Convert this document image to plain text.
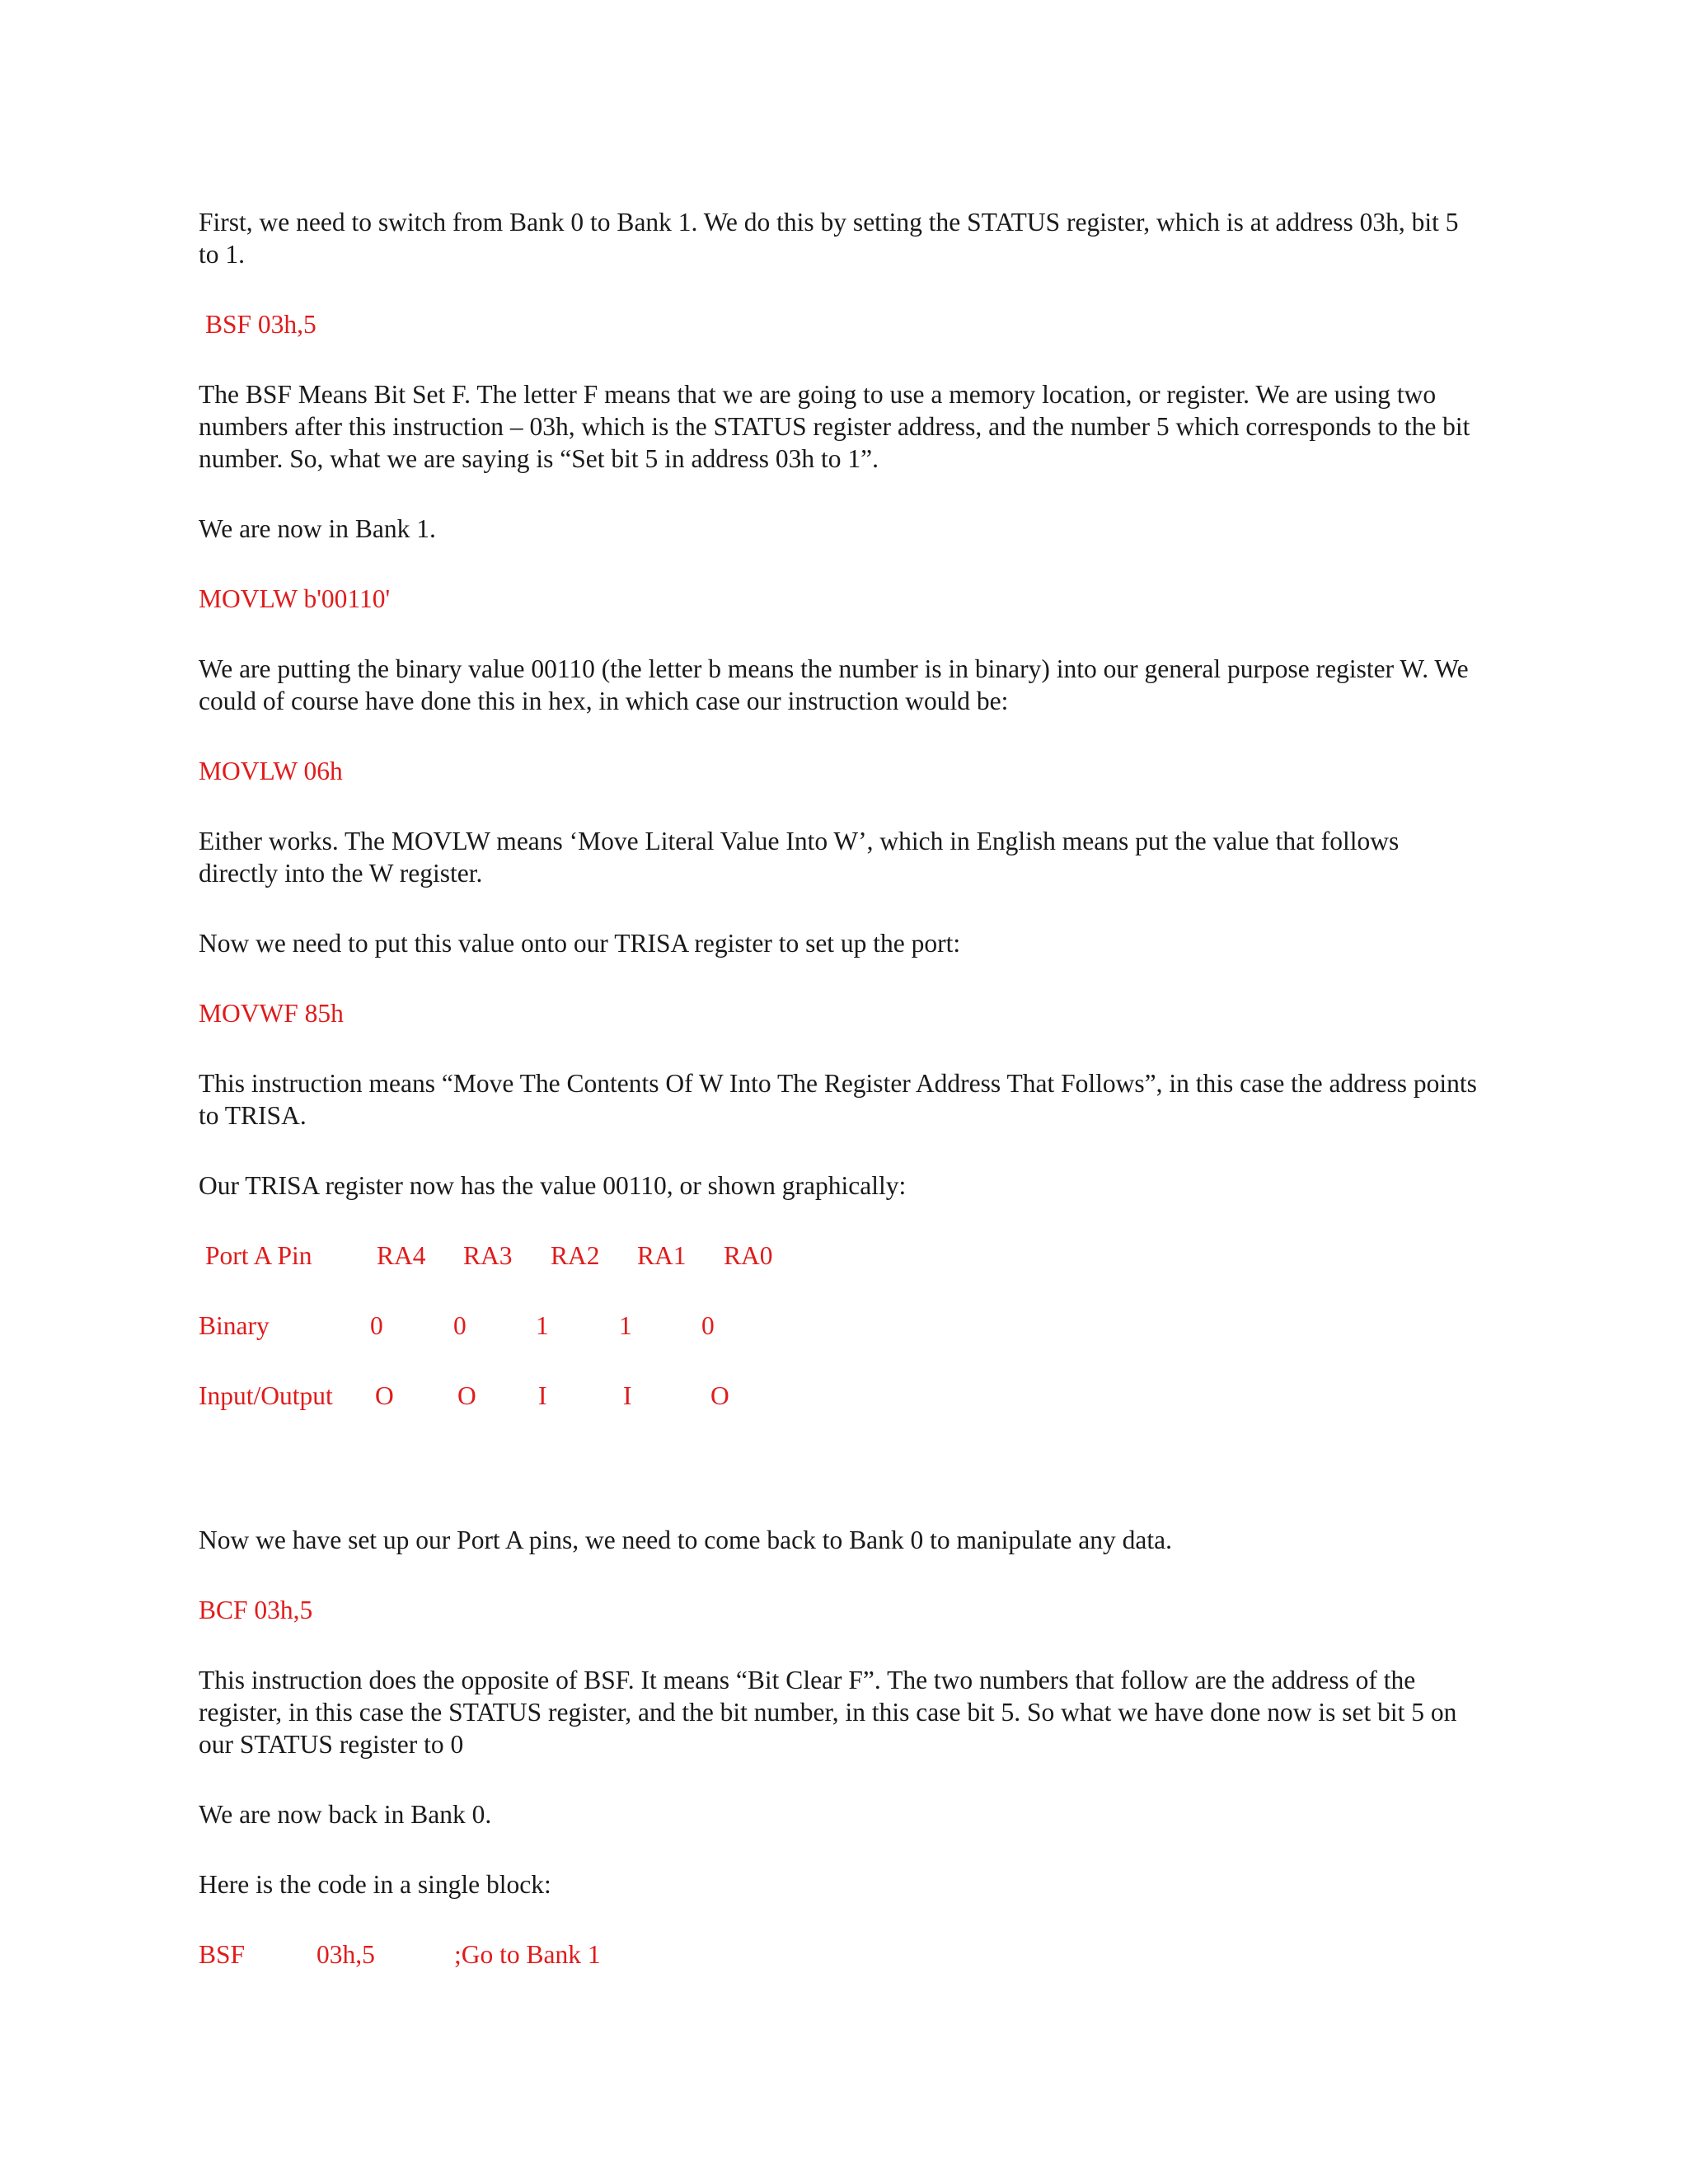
First, we need to switch from Bank 0 to Bank 1. We do this by setting the STATUS register, which is at address 03h, bit 5 to 1.

BSF 03h,5

The BSF Means Bit Set F. The letter F means that we are going to use a memory location, or register. We are using two numbers after this instruction – 03h, which is the STATUS register address, and the number 5 which corresponds to the bit number. So, what we are saying is “Set bit 5 in address 03h to 1”.

We are now in Bank 1.

MOVLW b'00110'

We are putting the binary value 00110 (the letter b means the number is in binary) into our general purpose register W. We could of course have done this in hex, in which case our instruction would be:

MOVLW 06h

Either works. The MOVLW means ‘Move Literal Value Into W’, which in English means put the value that follows directly into the W register.

Now we need to put this value onto our TRISA register to set up the port:

MOVWF 85h

This instruction means “Move The Contents Of W Into The Register Address That Follows”, in this case the address points to TRISA.

Our TRISA register now has the value 00110, or shown graphically:

Port A Pin RA4 RA3 RA2 RA1 RA0
Binary	0	0	1	1	0
Input/Output O O I	I	O

Now we have set up our Port A pins, we need to come back to Bank 0 to manipulate any data.

BCF 03h,5

This instruction does the opposite of BSF. It means “Bit Clear F”. The two numbers that follow are the address of the register, in this case the STATUS register, and the bit number, in this case bit 5. So what we have done now is set bit 5 on our STATUS register to 0

We are now back in Bank 0.

Here is the code in a single block:

BSF	03h,5	;Go to Bank 1
